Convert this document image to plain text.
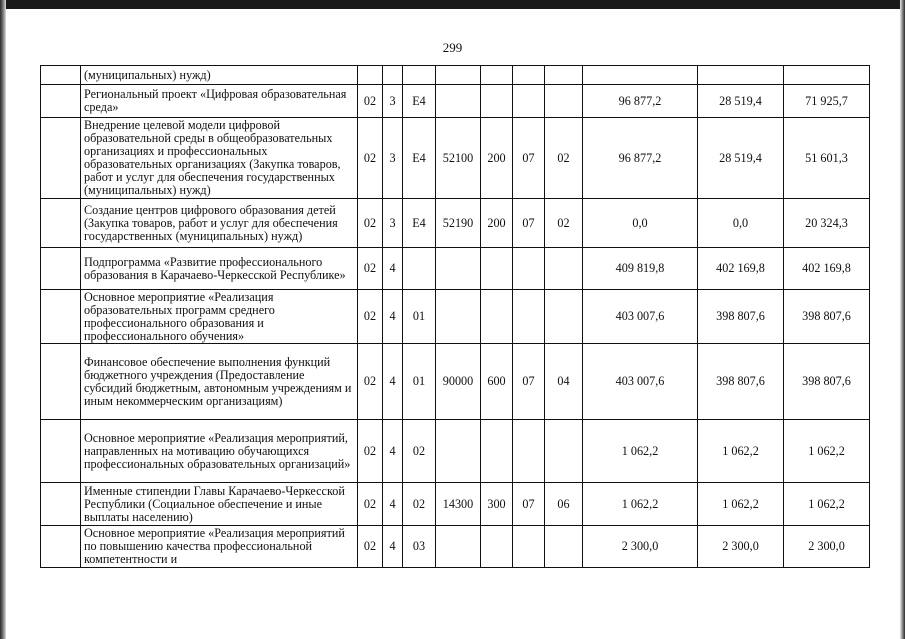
299
	(муниципальных) нужд)										
	Региональный проект «Цифровая образовательная среда»	02	3	E4					96 877,2	28 519,4	71 925,7
	Внедрение целевой модели цифровой образовательной среды в общеобразовательных организациях и профессиональных образовательных организациях (Закупка товаров, работ и услуг для обеспечения государственных (муниципальных) нужд)	02	3	E4	52100	200	07	02	96 877,2	28 519,4	51 601,3
	Создание центров цифрового образования детей (Закупка товаров, работ и услуг для обеспечения государственных (муниципальных) нужд)	02	3	E4	52190	200	07	02	0,0	0,0	20 324,3
	Подпрограмма «Развитие профессионального образования в Карачаево-Черкесской Республике»	02	4						409 819,8	402 169,8	402 169,8
	Основное мероприятие «Реализация образовательных программ среднего профессионального образования и профессионального обучения»	02	4	01					403 007,6	398 807,6	398 807,6
	Финансовое обеспечение выполнения функций бюджетного учреждения (Предоставление субсидий бюджетным, автономным учреждениям и иным некоммерческим организациям)	02	4	01	90000	600	07	04	403 007,6	398 807,6	398 807,6
	Основное мероприятие «Реализация мероприятий, направленных на мотивацию обучающихся профессиональных образовательных организаций»	02	4	02					1 062,2	1 062,2	1 062,2
	Именные стипендии Главы Карачаево-Черкесской Республики (Социальное обеспечение и иные выплаты населению)	02	4	02	14300	300	07	06	1 062,2	1 062,2	1 062,2
	Основное мероприятие «Реализация мероприятий по повышению качества профессиональной компетентности и	02	4	03					2 300,0	2 300,0	2 300,0
